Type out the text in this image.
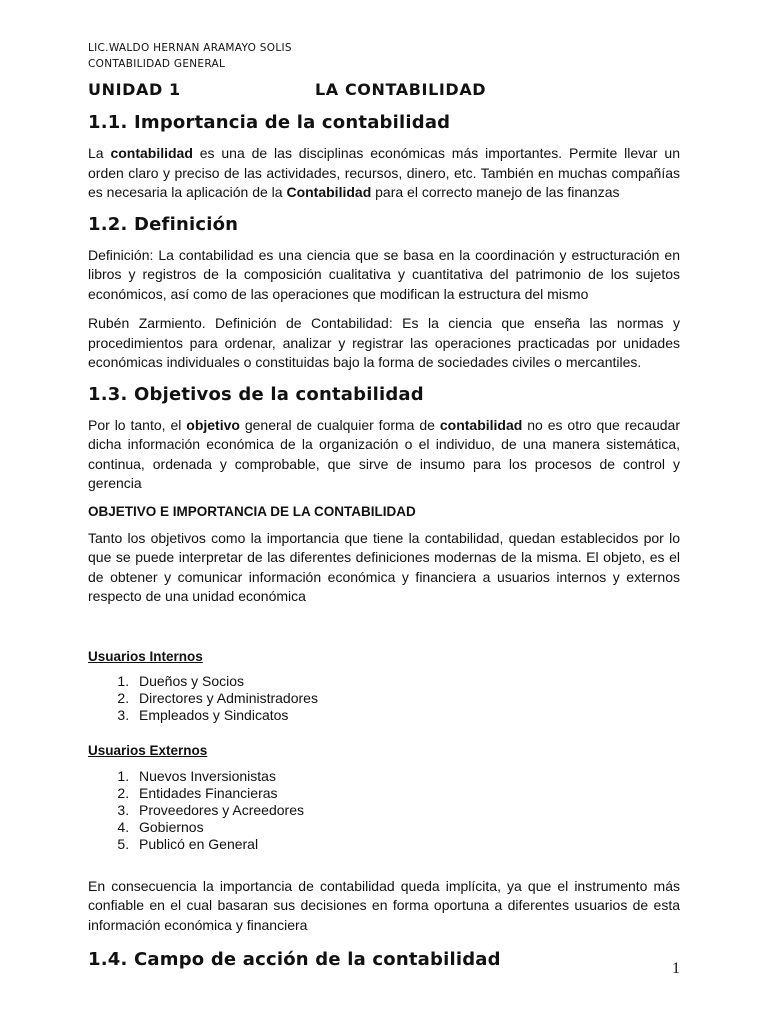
LIC.WALDO HERNAN ARAMAYO SOLIS
CONTABILIDAD GENERAL
UNIDAD 1	LA CONTABILIDAD
1.1. Importancia de la contabilidad

La contabilidad es una de las disciplinas económicas más importantes. Permite llevar un orden claro y preciso de las actividades, recursos, dinero, etc. También en muchas compañías es necesaria la aplicación de la Contabilidad para el correcto manejo de las finanzas

1.2. Definición

Definición: La contabilidad es una ciencia que se basa en la coordinación y estructuración en libros y registros de la composición cualitativa y cuantitativa del patrimonio de los sujetos económicos, así como de las operaciones que modifican la estructura del mismo

Rubén Zarmiento. Definición de Contabilidad: Es la ciencia que enseña las normas y procedimientos para ordenar, analizar y registrar las operaciones practicadas por unidades económicas individuales o constituidas bajo la forma de sociedades civiles o mercantiles.

1.3. Objetivos de la contabilidad

Por lo tanto, el objetivo general de cualquier forma de contabilidad no es otro que recaudar dicha información económica de la organización o el individuo, de una manera sistemática, continua, ordenada y comprobable, que sirve de insumo para los procesos de control y gerencia

OBJETIVO E IMPORTANCIA DE LA CONTABILIDAD

Tanto los objetivos como la importancia que tiene la contabilidad, quedan establecidos por lo que se puede interpretar de las diferentes definiciones modernas de la misma. El objeto, es el de obtener y comunicar información económica y financiera a usuarios internos y externos respecto de una unidad económica

Usuarios Internos
1. Dueños y Socios
2. Directores y Administradores
3. Empleados y Sindicatos
Usuarios Externos
1. Nuevos Inversionistas
2. Entidades Financieras
3. Proveedores y Acreedores
4. Gobiernos
5. Publicó en General

En consecuencia la importancia de contabilidad queda implícita, ya que el instrumento más confiable en el cual basaran sus decisiones en forma oportuna a diferentes usuarios de esta información económica y financiera

1.4. Campo de acción de la contabilidad	1
